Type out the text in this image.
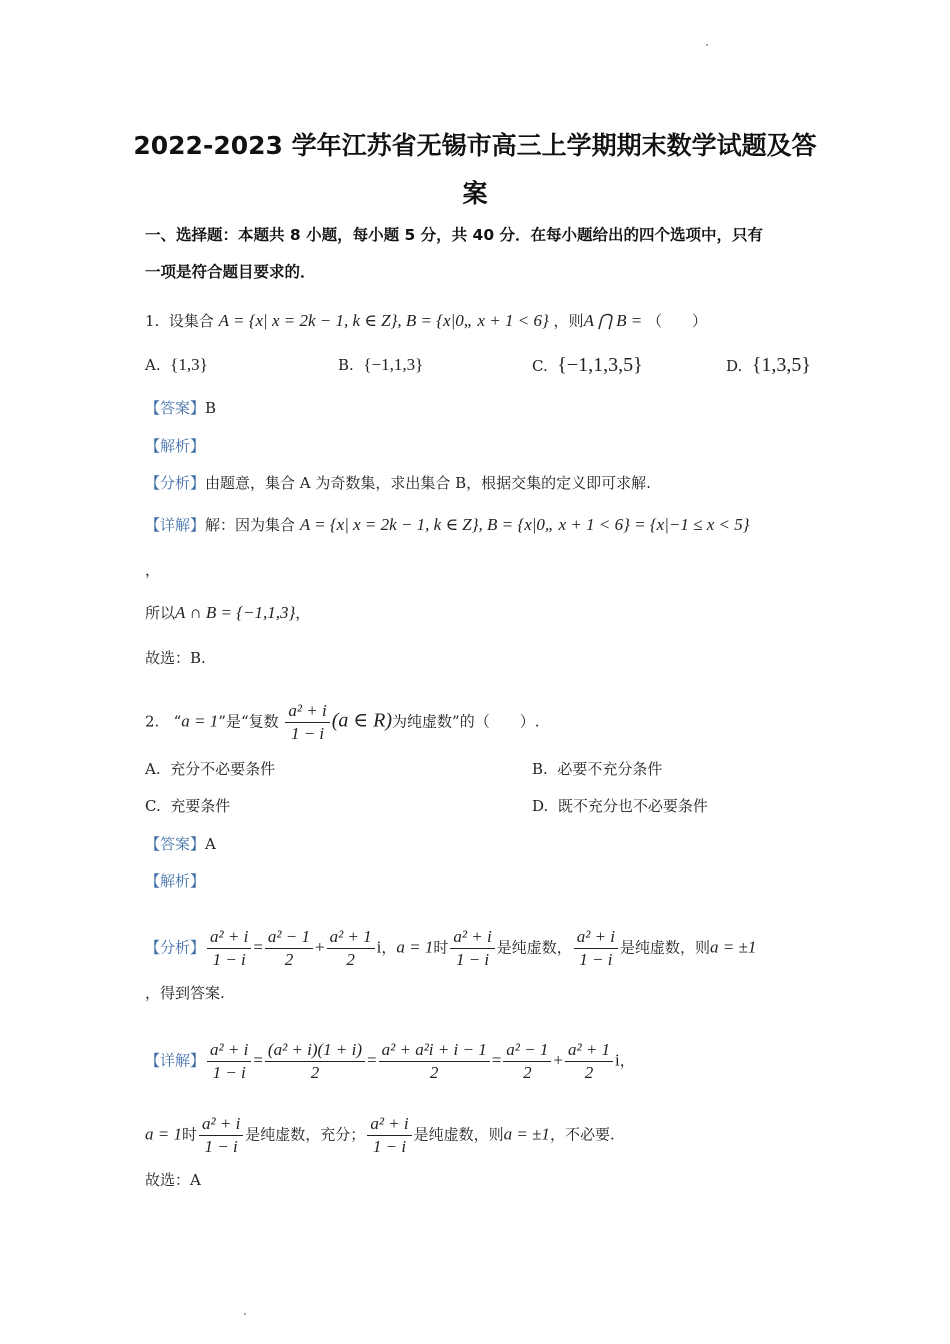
2022-2023 学年江苏省无锡市高三上学期期末数学试题及答
案
一、选择题：本题共 8 小题，每小题 5 分，共 40 分．在每小题给出的四个选项中，只有
一项是符合题目要求的．
1. 设集合 A = {x| x = 2k − 1, k ∈ Z}, B = {x|0„ x + 1 < 6} ，则A ⋂ B = （　　）
A. {1,3}	B. {−1,1,3}	C. {−1,1,3,5}	D. {1,3,5}
【答案】B
【解析】
【分析】由题意，集合 A 为奇数集，求出集合 B，根据交集的定义即可求解.
【详解】解：因为集合 A = {x| x = 2k − 1, k ∈ Z}, B = {x|0„ x + 1 < 6} = {x|−1 ≤ x < 5}
，
所以A ∩ B = {−1,1,3}，
故选：B.
2. “a = 1”是“复数 $\frac{\text{a² + i}}{1 - i} (a$ ∈ R)为纯虚数”的（　　）.
A. 充分不必要条件	B. 必要不充分条件
C. 充要条件	D. 既不充分也不必要条件
【答案】A
【解析】
【分析】 $\frac{\text{a² + i}}{1 - i} = \frac{\text{a² − 1}}{2} + \frac{\text{a² + 1}}{2}$ i，a = 1时 $\frac{\text{a² + i}}{1 - i}$ 是纯虚数， $\frac{\text{a² + i}}{1 - i}$ 是纯虚数，则a = ±1
，得到答案.
【详解】 $\frac{\text{a² + i}}{1 - i} = \frac{\text{(a² + i)(1 + i)}}{2} = \frac{\text{a² + a²i + i − 1}}{2} = \frac{\text{a² − 1}}{2} + \frac{\text{a² + 1}}{2}$ i，
a = 1时 $\frac{\text{a² + i}}{1 - i}$ 是纯虚数，充分； $\frac{\text{a² + i}}{1 - i}$ 是纯虚数，则a = ±1，不必要.
故选：A
